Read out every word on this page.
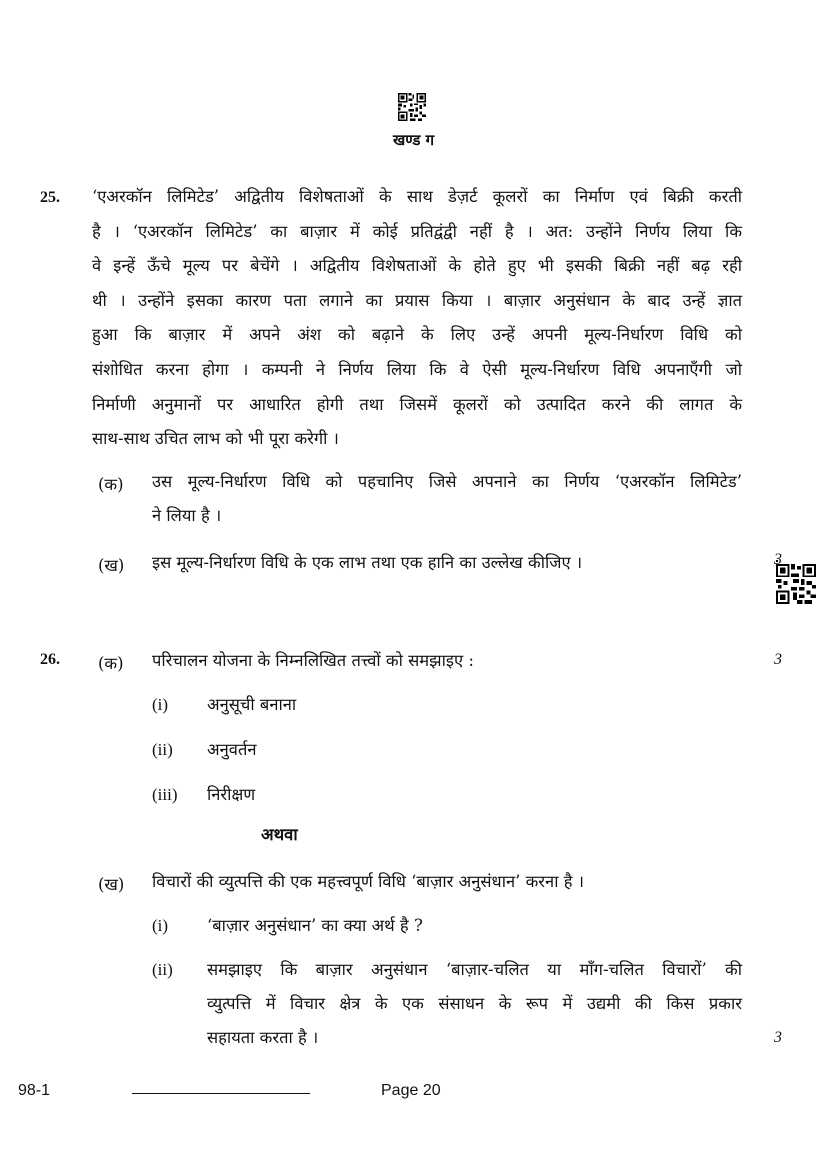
खण्ड ग
25. ‘एअरकॉन लिमिटेड’ अद्वितीय विशेषताओं के साथ डेज़र्ट कूलरों का निर्माण एवं बिक्री करती
है । ‘एअरकॉन लिमिटेड’ का बाज़ार में कोई प्रतिद्वंद्वी नहीं है । अत: उन्होंने निर्णय लिया कि
वे इन्हें ऊँचे मूल्य पर बेचेंगे । अद्वितीय विशेषताओं के होते हुए भी इसकी बिक्री नहीं बढ़ रही
थी । उन्होंने इसका कारण पता लगाने का प्रयास किया । बाज़ार अनुसंधान के बाद उन्हें ज्ञात
हुआ कि बाज़ार में अपने अंश को बढ़ाने के लिए उन्हें अपनी मूल्य-निर्धारण विधि को
संशोधित करना होगा । कम्पनी ने निर्णय लिया कि वे ऐसी मूल्य-निर्धारण विधि अपनाएँगी जो
निर्माणी अनुमानों पर आधारित होगी तथा जिसमें कूलरों को उत्पादित करने की लागत के
साथ-साथ उचित लाभ को भी पूरा करेगी ।
(क) उस मूल्य-निर्धारण विधि को पहचानिए जिसे अपनाने का निर्णय ‘एअरकॉन लिमिटेड’
ने लिया है ।
(ख) इस मूल्य-निर्धारण विधि के एक लाभ तथा एक हानि का उल्लेख कीजिए ।	3
26. (क) परिचालन योजना के निम्नलिखित तत्त्वों को समझाइए :	3
(i) अनुसूची बनाना
(ii) अनुवर्तन
(iii) निरीक्षण
अथवा
(ख) विचारों की व्युत्पत्ति की एक महत्त्वपूर्ण विधि ‘बाज़ार अनुसंधान’ करना है ।
(i) ‘बाज़ार अनुसंधान’ का क्या अर्थ है ?
(ii) समझाइए कि बाज़ार अनुसंधान ‘बाज़ार-चलित या माँग-चलित विचारों’ की
व्युत्पत्ति में विचार क्षेत्र के एक संसाधन के रूप में उद्यमी की किस प्रकार
सहायता करता है ।	3
98-1	Page 20
